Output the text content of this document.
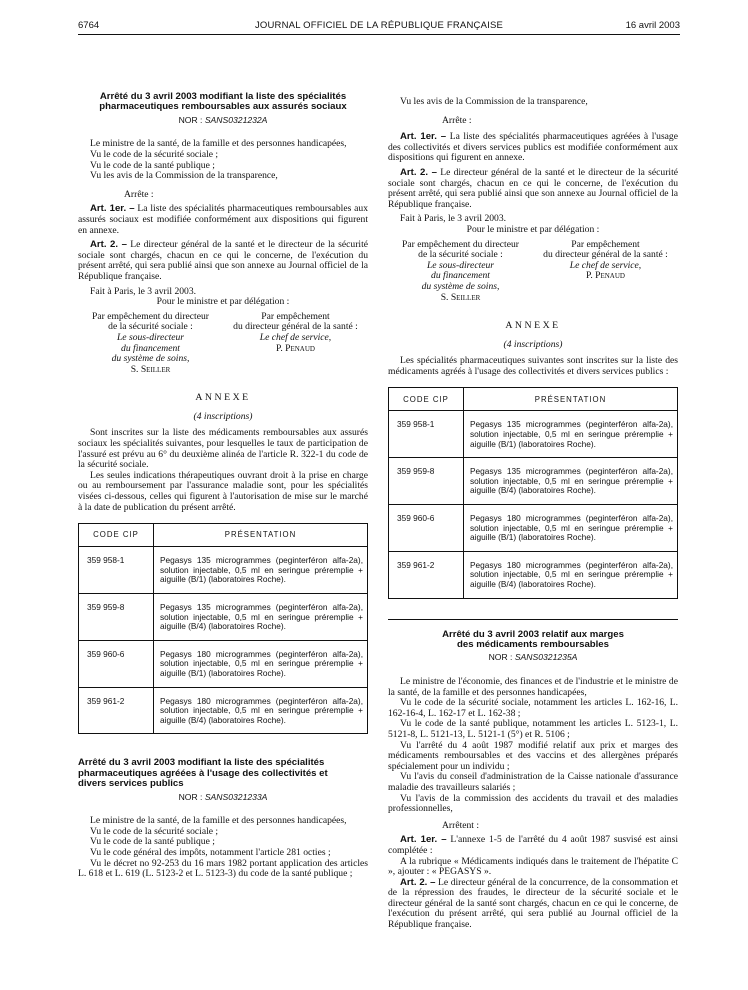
6764	JOURNAL OFFICIEL DE LA RÉPUBLIQUE FRANÇAISE	16 avril 2003
Arrêté du 3 avril 2003 modifiant la liste des spécialités
pharmaceutiques remboursables aux assurés sociaux
NOR : SANS0321232A

Le ministre de la santé, de la famille et des personnes handicapées,

Vu le code de la sécurité sociale ;

Vu le code de la santé publique ;

Vu les avis de la Commission de la transparence,

Arrête :

Art. 1er. – La liste des spécialités pharmaceutiques remboursables aux assurés sociaux est modifiée conformément aux dispositions qui figurent en annexe.

Art. 2. – Le directeur général de la santé et le directeur de la sécurité sociale sont chargés, chacun en ce qui le concerne, de l'exécution du présent arrêté, qui sera publié ainsi que son annexe au Journal officiel de la République française.

Fait à Paris, le 3 avril 2003.

Pour le ministre et par délégation :

Par empêchement du directeur
de la sécurité sociale :
Le sous-directeur
du financement
du système de soins,
S. Seiller
Par empêchement
du directeur général de la santé :
Le chef de service,
P. Penaud
ANNEXE

(4 inscriptions)

Sont inscrites sur la liste des médicaments remboursables aux assurés sociaux les spécialités suivantes, pour lesquelles le taux de participation de l'assuré est prévu au 6° du deuxième alinéa de l'article R. 322-1 du code de la sécurité sociale.

Les seules indications thérapeutiques ouvrant droit à la prise en charge ou au remboursement par l'assurance maladie sont, pour les spécialités visées ci-dessous, celles qui figurent à l'autorisation de mise sur le marché à la date de publication du présent arrêté.

CODE CIP	PRÉSENTATION
359 958-1	Pegasys 135 microgrammes (peginterféron alfa-2a), solution injectable, 0,5 ml en seringue préremplie + aiguille (B/1) (laboratoires Roche).
359 959-8	Pegasys 135 microgrammes (peginterféron alfa-2a), solution injectable, 0,5 ml en seringue préremplie + aiguille (B/4) (laboratoires Roche).
359 960-6	Pegasys 180 microgrammes (peginterféron alfa-2a), solution injectable, 0,5 ml en seringue préremplie + aiguille (B/1) (laboratoires Roche).
359 961-2	Pegasys 180 microgrammes (peginterféron alfa-2a), solution injectable, 0,5 ml en seringue préremplie + aiguille (B/4) (laboratoires Roche).
Arrêté du 3 avril 2003 modifiant la liste des spécialités
pharmaceutiques agréées à l'usage des collectivités et
divers services publics
NOR : SANS0321233A

Le ministre de la santé, de la famille et des personnes handicapées,

Vu le code de la sécurité sociale ;

Vu le code de la santé publique ;

Vu le code général des impôts, notamment l'article 281 octies ;

Vu le décret no 92-253 du 16 mars 1982 portant application des articles L. 618 et L. 619 (L. 5123-2 et L. 5123-3) du code de la santé publique ;

Vu les avis de la Commission de la transparence,

Arrête :

Art. 1er. – La liste des spécialités pharmaceutiques agréées à l'usage des collectivités et divers services publics est modifiée conformément aux dispositions qui figurent en annexe.

Art. 2. – Le directeur général de la santé et le directeur de la sécurité sociale sont chargés, chacun en ce qui le concerne, de l'exécution du présent arrêté, qui sera publié ainsi que son annexe au Journal officiel de la République française.

Fait à Paris, le 3 avril 2003.

Pour le ministre et par délégation :

Par empêchement du directeur
de la sécurité sociale :
Le sous-directeur
du financement
du système de soins,
S. Seiller
Par empêchement
du directeur général de la santé :
Le chef de service,
P. Penaud
ANNEXE

(4 inscriptions)

Les spécialités pharmaceutiques suivantes sont inscrites sur la liste des médicaments agréés à l'usage des collectivités et divers services publics :

CODE CIP	PRÉSENTATION
359 958-1	Pegasys 135 microgrammes (peginterféron alfa-2a), solution injectable, 0,5 ml en seringue préremplie + aiguille (B/1) (laboratoires Roche).
359 959-8	Pegasys 135 microgrammes (peginterféron alfa-2a), solution injectable, 0,5 ml en seringue préremplie + aiguille (B/4) (laboratoires Roche).
359 960-6	Pegasys 180 microgrammes (peginterféron alfa-2a), solution injectable, 0,5 ml en seringue préremplie + aiguille (B/1) (laboratoires Roche).
359 961-2	Pegasys 180 microgrammes (peginterféron alfa-2a), solution injectable, 0,5 ml en seringue préremplie + aiguille (B/4) (laboratoires Roche).
Arrêté du 3 avril 2003 relatif aux marges
des médicaments remboursables
NOR : SANS0321235A

Le ministre de l'économie, des finances et de l'industrie et le ministre de la santé, de la famille et des personnes handicapées,

Vu le code de la sécurité sociale, notamment les articles L. 162-16, L. 162-16-4, L. 162-17 et L. 162-38 ;

Vu le code de la santé publique, notamment les articles L. 5123-1, L. 5121-8, L. 5121-13, L. 5121-1 (5°) et R. 5106 ;

Vu l'arrêté du 4 août 1987 modifié relatif aux prix et marges des médicaments remboursables et des vaccins et des allergènes préparés spécialement pour un individu ;

Vu l'avis du conseil d'administration de la Caisse nationale d'assurance maladie des travailleurs salariés ;

Vu l'avis de la commission des accidents du travail et des maladies professionnelles,

Arrêtent :

Art. 1er. – L'annexe 1-5 de l'arrêté du 4 août 1987 susvisé est ainsi complétée :

A la rubrique « Médicaments indiqués dans le traitement de l'hépatite C », ajouter : « PEGASYS ».

Art. 2. – Le directeur général de la concurrence, de la consommation et de la répression des fraudes, le directeur de la sécurité sociale et le directeur général de la santé sont chargés, chacun en ce qui le concerne, de l'exécution du présent arrêté, qui sera publié au Journal officiel de la République française.
